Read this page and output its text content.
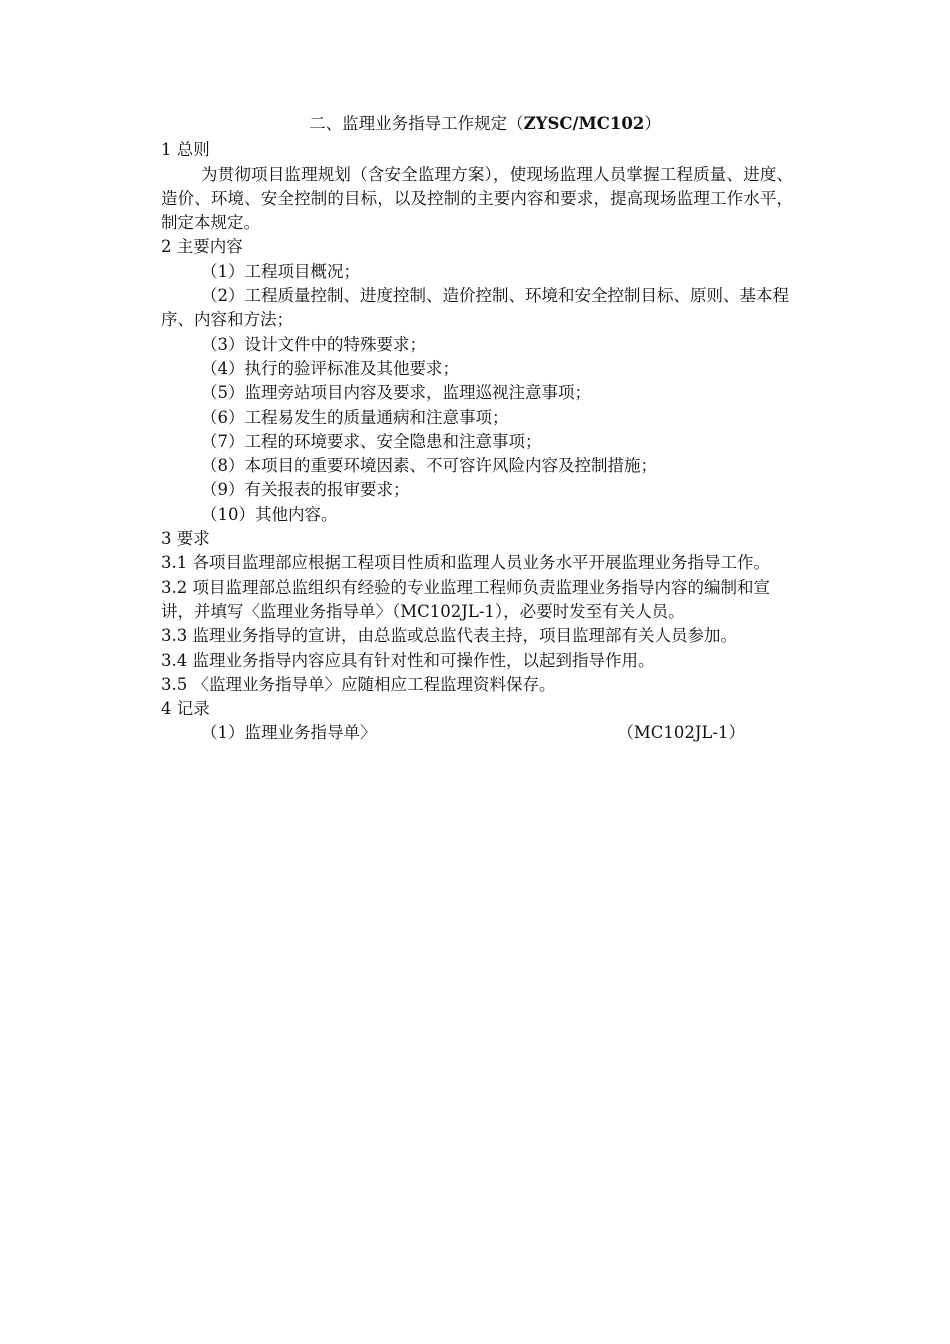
二、监理业务指导工作规定（ZYSC/MC102）

1 总则

为贯彻项目监理规划（含安全监理方案），使现场监理人员掌握工程质量、进度、造价、环境、安全控制的目标，以及控制的主要内容和要求，提高现场监理工作水平，制定本规定。

2 主要内容

（1）工程项目概况；

（2）工程质量控制、进度控制、造价控制、环境和安全控制目标、原则、基本程序、内容和方法；

（3）设计文件中的特殊要求；

（4）执行的验评标准及其他要求；

（5）监理旁站项目内容及要求，监理巡视注意事项；

（6）工程易发生的质量通病和注意事项；

（7）工程的环境要求、安全隐患和注意事项；

（8）本项目的重要环境因素、不可容许风险内容及控制措施；

（9）有关报表的报审要求；

（10）其他内容。

3 要求

3.1 各项目监理部应根据工程项目性质和监理人员业务水平开展监理业务指导工作。

3.2 项目监理部总监组织有经验的专业监理工程师负责监理业务指导内容的编制和宣讲，并填写〈监理业务指导单〉（MC102JL-1），必要时发至有关人员。

3.3 监理业务指导的宣讲，由总监或总监代表主持，项目监理部有关人员参加。

3.4 监理业务指导内容应具有针对性和可操作性，以起到指导作用。

3.5 〈监理业务指导单〉应随相应工程监理资料保存。

4 记录

（1）监理业务指导单〉	（MC102JL-1）
